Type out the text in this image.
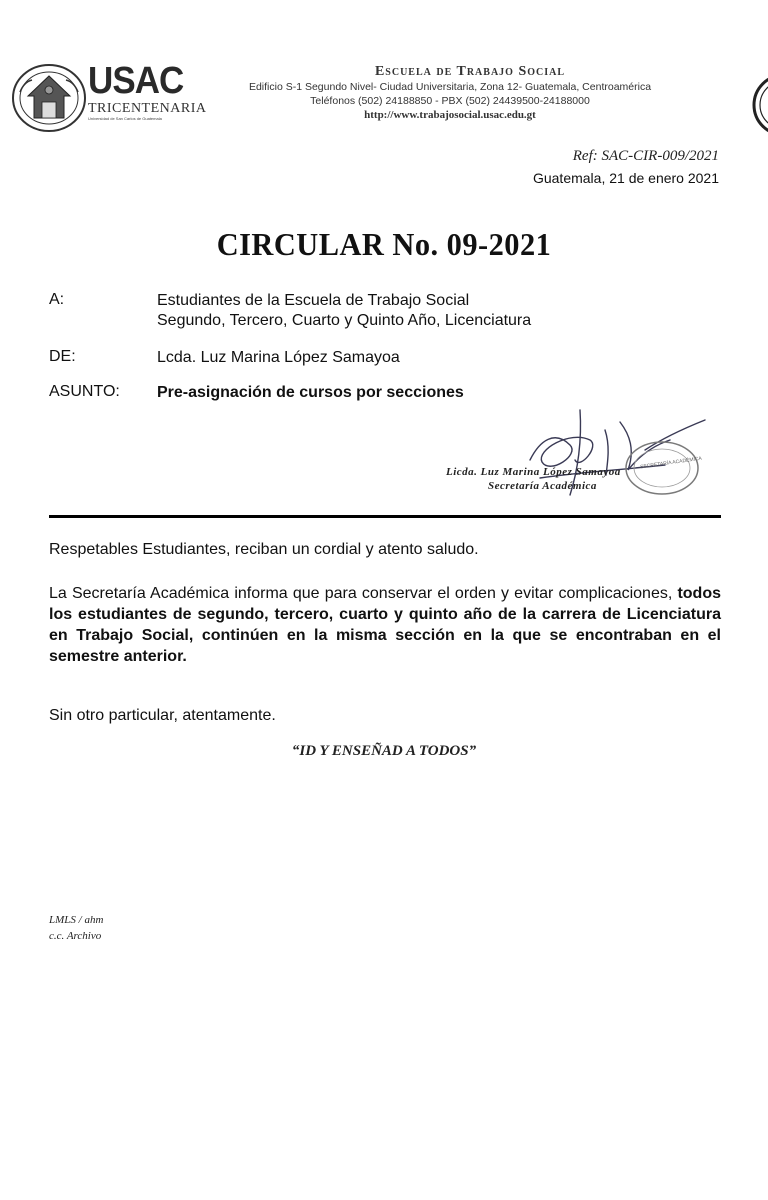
USAC
TRICENTENARIA
Universidad de San Carlos de Guatemala
Escuela de Trabajo Social
Edificio S-1 Segundo Nivel- Ciudad Universitaria, Zona 12- Guatemala, Centroamérica
Teléfonos (502) 24188850 - PBX (502) 24439500-24188000
http://www.trabajosocial.usac.edu.gt
Ref: SAC-CIR-009/2021
Guatemala, 21 de enero 2021
CIRCULAR No. 09-2021
A:	Estudiantes de la Escuela de Trabajo Social
Segundo, Tercero, Cuarto y Quinto Año, Licenciatura
DE:	Lcda. Luz Marina López Samayoa
ASUNTO: Pre-asignación de cursos por secciones
SECRETARÍA ACADÉMICA
Licda. Luz Marina López Samayoa
Secretaría Académica
Respetables Estudiantes, reciban un cordial y atento saludo.
La Secretaría Académica informa que para conservar el orden y evitar complicaciones, todos los estudiantes de segundo, tercero, cuarto y quinto año de la carrera de Licenciatura en Trabajo Social, continúen en la misma sección en la que se encontraban en el semestre anterior.
Sin otro particular, atentamente.
“ID Y ENSEÑAD A TODOS”
LMLS / ahm
c.c. Archivo
